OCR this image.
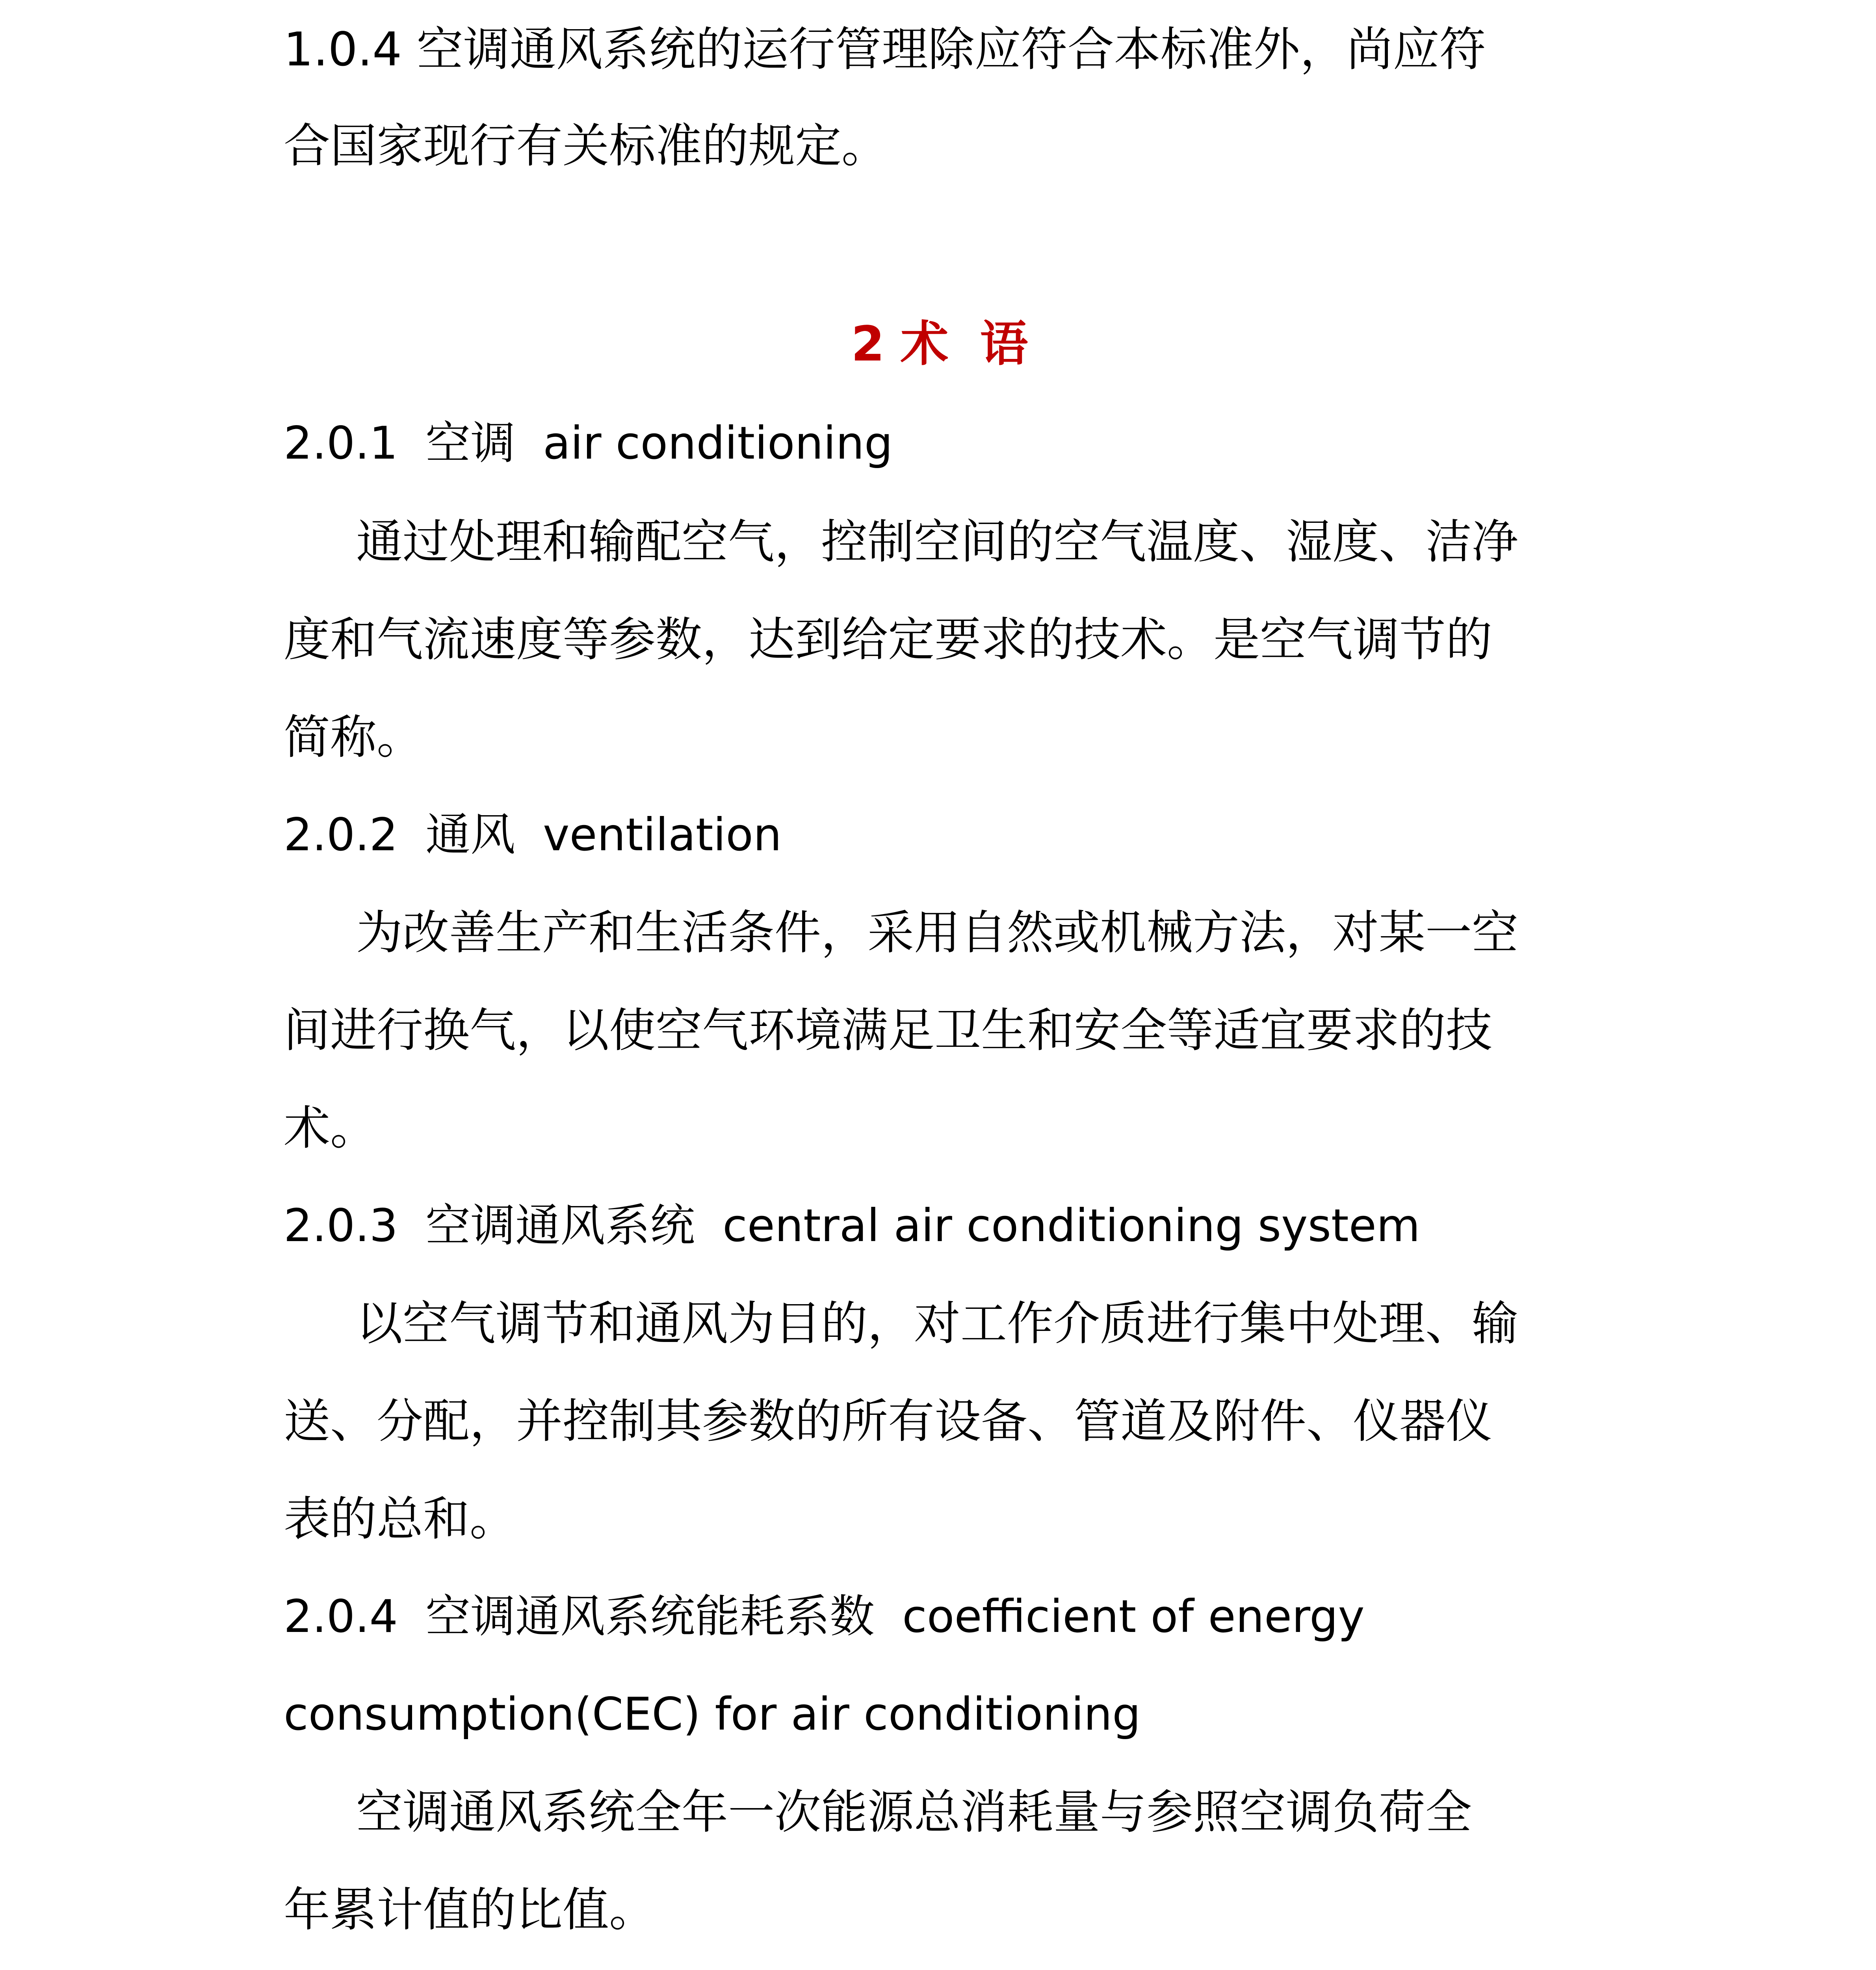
1.0.4 空调通风系统的运行管理除应符合本标准外，尚应符
合国家现行有关标准的规定。
2 术 语
2.0.1 空调 air conditioning
通过处理和输配空气，控制空间的空气温度、湿度、洁净
度和气流速度等参数，达到给定要求的技术。是空气调节的
简称。
2.0.2 通风 ventilation
为改善生产和生活条件，采用自然或机械方法，对某一空
间进行换气，以使空气环境满足卫生和安全等适宜要求的技
术。
2.0.3 空调通风系统 central air conditioning system
以空气调节和通风为目的，对工作介质进行集中处理、输
送、分配，并控制其参数的所有设备、管道及附件、仪器仪
表的总和。
2.0.4 空调通风系统能耗系数 coefficient of energy
consumption(CEC) for air conditioning
空调通风系统全年一次能源总消耗量与参照空调负荷全
年累计值的比值。
